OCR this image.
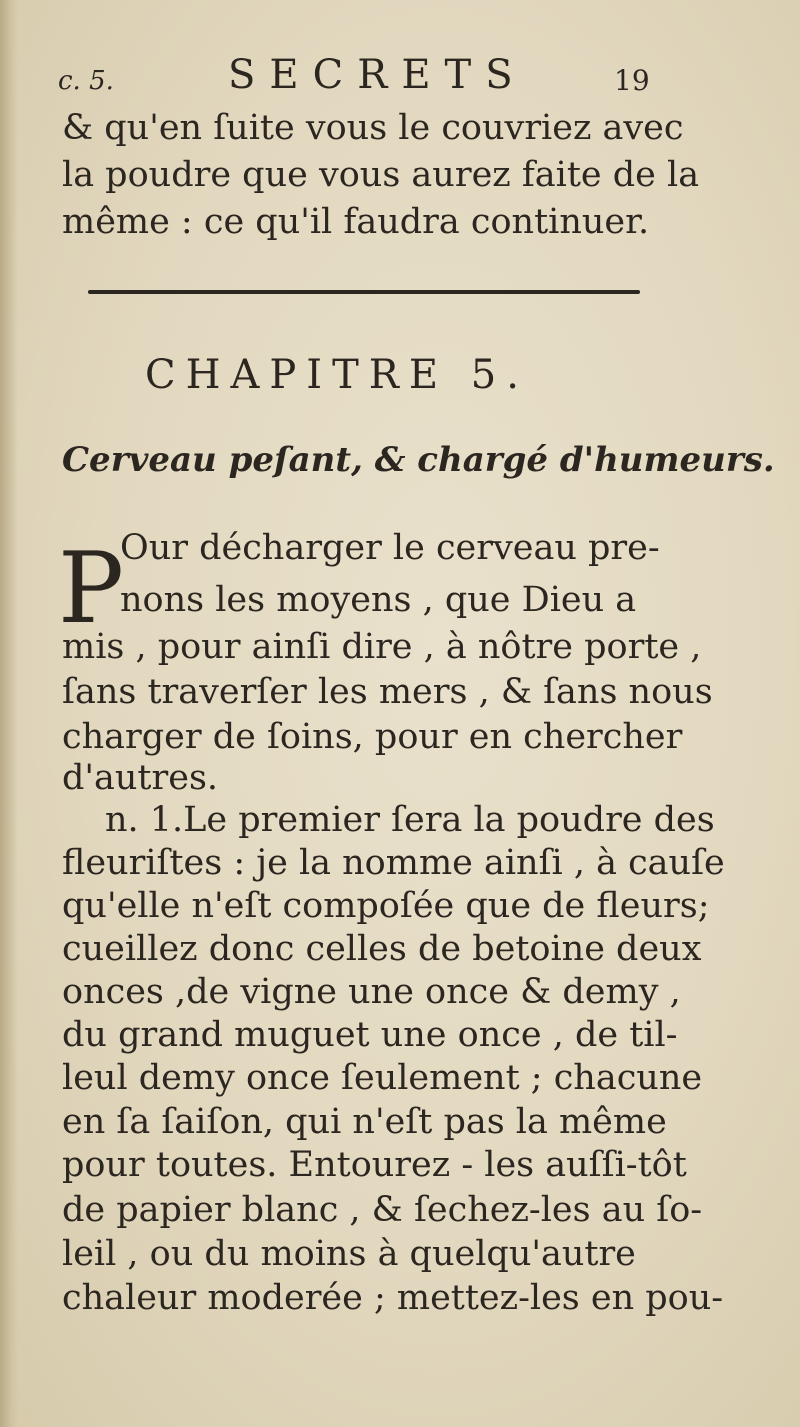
c. 5.	SECRETS	19
& qu'en ſuite vous le couvriez avec
la poudre que vous aurez faite de la
même : ce qu'il faudra continuer.
CHAPITRE 5.
Cerveau peſant, & chargé d'humeurs.
P
Our décharger le cerveau pre-
nons les moyens , que Dieu a
mis , pour ainſi dire , à nôtre porte ,
ſans traverſer les mers , & ſans nous
charger de ſoins, pour en chercher
d'autres.
n. 1.Le premier ſera la poudre des
fleuriſtes : je la nomme ainſi , à cauſe
qu'elle n'eſt compoſée que de fleurs;
cueillez donc celles de betoine deux
onces ,de vigne une once & demy ,
du grand muguet une once , de til-
leul demy once ſeulement ; chacune
en ſa ſaiſon, qui n'eſt pas la même
pour toutes. Entourez - les auſſi-tôt
de papier blanc , & ſechez-les au ſo-
leil , ou du moins à quelqu'autre
chaleur moderée ; mettez-les en pou-
